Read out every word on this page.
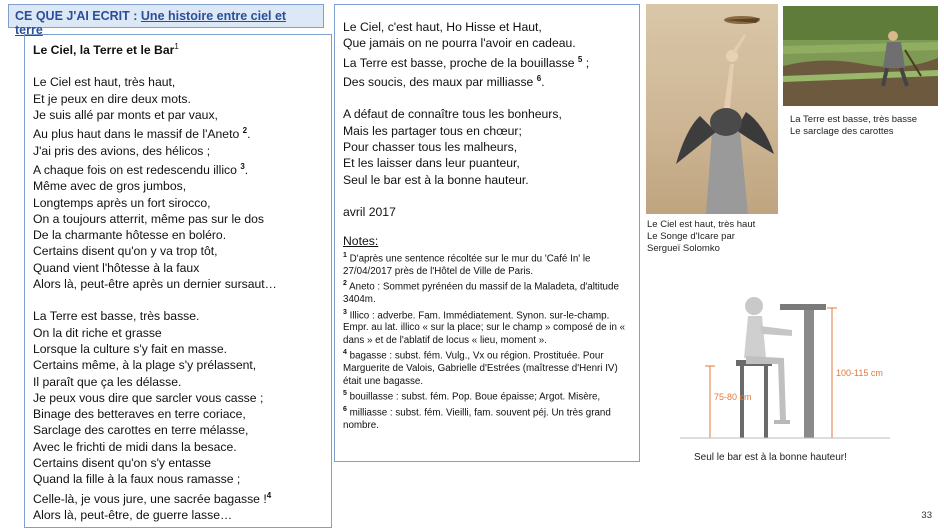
CE QUE J'AI ECRIT : Une histoire entre ciel et terre
Le Ciel, la Terre et le Bar$^1$
Le Ciel est haut, très haut,
Et je peux en dire deux mots.
Je suis allé par monts et par vaux,
Au plus haut dans le massif de l'Aneto $^2$.
J'ai pris des avions, des hélicos ;
A chaque fois on est redescendu illico $^3$.
Même avec de gros jumbos,
Longtemps après un fort sirocco,
On a toujours atterrit, même pas sur le dos
De la charmante hôtesse en boléro.
Certains disent qu'on y va trop tôt,
Quand vient l'hôtesse à la faux
Alors là, peut-être après un dernier sursaut…
La Terre est basse, très basse.
On la dit riche et grasse
Lorsque la culture s'y fait en masse.
Certains même, à la plage s'y prélassent,
Il paraît que ça les délasse.
Je peux vous dire que sarcler vous casse ;
Binage des betteraves en terre coriace,
Sarclage des carottes en terre mélasse,
Avec le frichti de midi dans la besace.
Certains disent qu'on s'y entasse
Quand la fille à la faux nous ramasse ;
Celle-là, je vous jure, une sacrée bagasse !$^4$
Alors là, peut-être, de guerre lasse…
Le Ciel, c'est haut, Ho Hisse et Haut,
Que jamais on ne pourra l'avoir en cadeau.
La Terre est basse, proche de la bouillasse $^5$ ;
Des soucis, des maux par milliasse $^6$.
A défaut de connaître tous les bonheurs,
Mais les partager tous en chœur;
Pour chasser tous les malheurs,
Et les laisser dans leur puanteur,
Seul le bar est à la bonne hauteur.
avril 2017
Notes:
$^1$ D'après une sentence récoltée sur le mur du 'Café In' le 27/04/2017 près de l'Hôtel de Ville de Paris.
$^2$ Aneto : Sommet pyrénéen du massif de la Maladeta, d'altitude 3404m.
$^3$ Illico : adverbe. Fam. Immédiatement. Synon. sur-le-champ. Empr. au lat. illico « sur la place; sur le champ » composé de in « dans » et de l'ablatif de locus « lieu, moment ».
$^4$ bagasse : subst. fém. Vulg., Vx ou région. Prostituée. Pour Marguerite de Valois, Gabrielle d'Estrées (maîtresse d'Henri IV) était une bagasse.
$^5$ bouillasse : subst. fém. Pop. Boue épaisse; Argot. Misère,
$^6$ milliasse : subst. fém. Vieilli, fam. souvent péj. Un très grand nombre.
Le Ciel est haut, très haut
Le Songe d'Icare par
Sergueï Solomko
La Terre est basse, très basse
Le sarclage des carottes
75-80 cm
100-115 cm
Seul le bar est à la bonne hauteur!
33
